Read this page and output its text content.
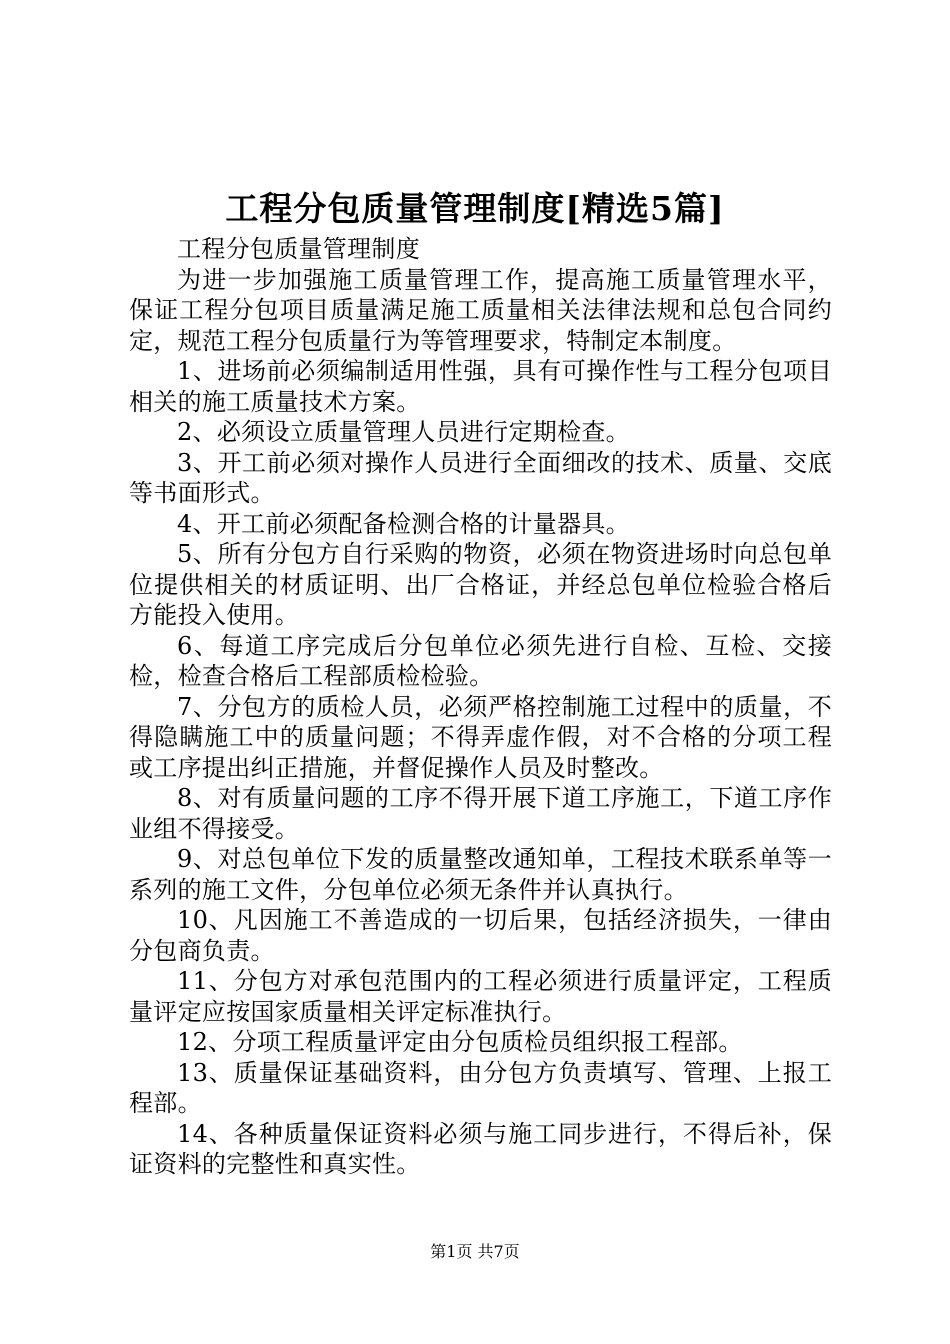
工程分包质量管理制度[精选5篇]

工程分包质量管理制度

为进一步加强施工质量管理工作，提高施工质量管理水平，保证工程分包项目质量满足施工质量相关法律法规和总包合同约定，规范工程分包质量行为等管理要求，特制定本制度。

1、进场前必须编制适用性强，具有可操作性与工程分包项目相关的施工质量技术方案。

2、必须设立质量管理人员进行定期检查。

3、开工前必须对操作人员进行全面细改的技术、质量、交底等书面形式。

4、开工前必须配备检测合格的计量器具。

5、所有分包方自行采购的物资，必须在物资进场时向总包单位提供相关的材质证明、出厂合格证，并经总包单位检验合格后方能投入使用。

6、每道工序完成后分包单位必须先进行自检、互检、交接检，检查合格后工程部质检检验。

7、分包方的质检人员，必须严格控制施工过程中的质量，不得隐瞒施工中的质量问题；不得弄虚作假，对不合格的分项工程或工序提出纠正措施，并督促操作人员及时整改。

8、对有质量问题的工序不得开展下道工序施工，下道工序作业组不得接受。

9、对总包单位下发的质量整改通知单，工程技术联系单等一系列的施工文件，分包单位必须无条件并认真执行。

10、凡因施工不善造成的一切后果，包括经济损失，一律由分包商负责。

11、分包方对承包范围内的工程必须进行质量评定，工程质量评定应按国家质量相关评定标准执行。

12、分项工程质量评定由分包质检员组织报工程部。

13、质量保证基础资料，由分包方负责填写、管理、上报工程部。

14、各种质量保证资料必须与施工同步进行，不得后补，保证资料的完整性和真实性。

第1页 共7页
